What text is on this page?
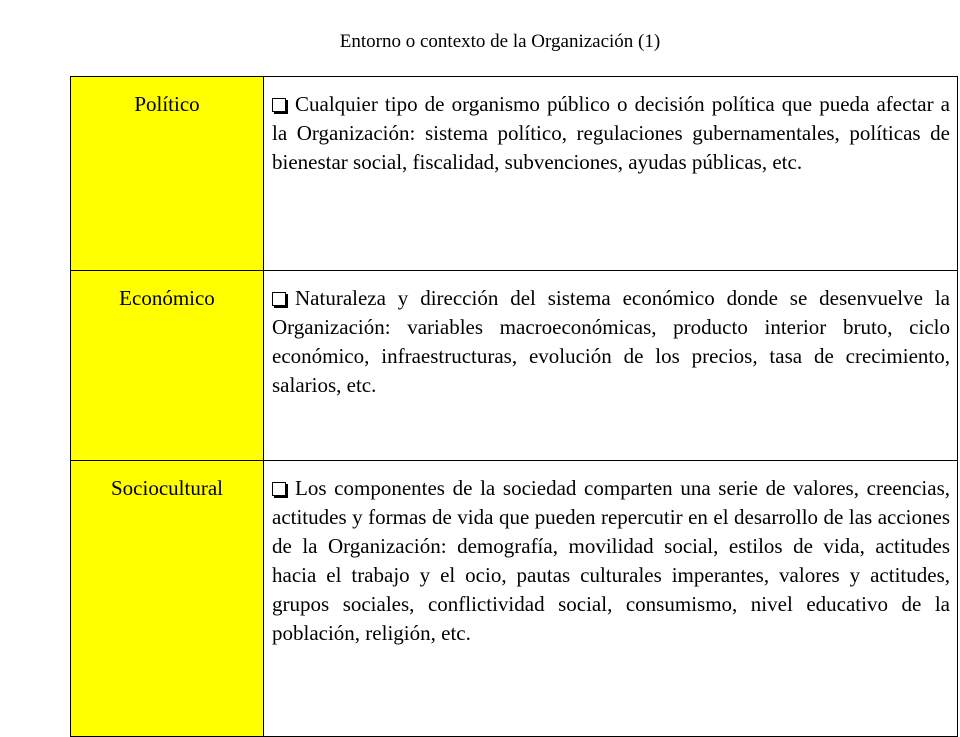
Entorno o contexto de la Organización (1)
Político	Cualquier tipo de organismo público o decisión política que pueda afectar a la Organización: sistema político, regulaciones gubernamentales, políticas de bienestar social, fiscalidad, subvenciones, ayudas públicas, etc.
Económico	Naturaleza y dirección del sistema económico donde se desenvuelve la Organización: variables macroeconómicas, producto interior bruto, ciclo económico, infraestructuras, evolución de los precios, tasa de crecimiento, salarios, etc.
Sociocultural	Los componentes de la sociedad comparten una serie de valores, creencias, actitudes y formas de vida que pueden repercutir en el desarrollo de las acciones de la Organización: demografía, movilidad social, estilos de vida, actitudes hacia el trabajo y el ocio, pautas culturales imperantes, valores y actitudes, grupos sociales, conflictividad social, consumismo, nivel educativo de la población, religión, etc.
